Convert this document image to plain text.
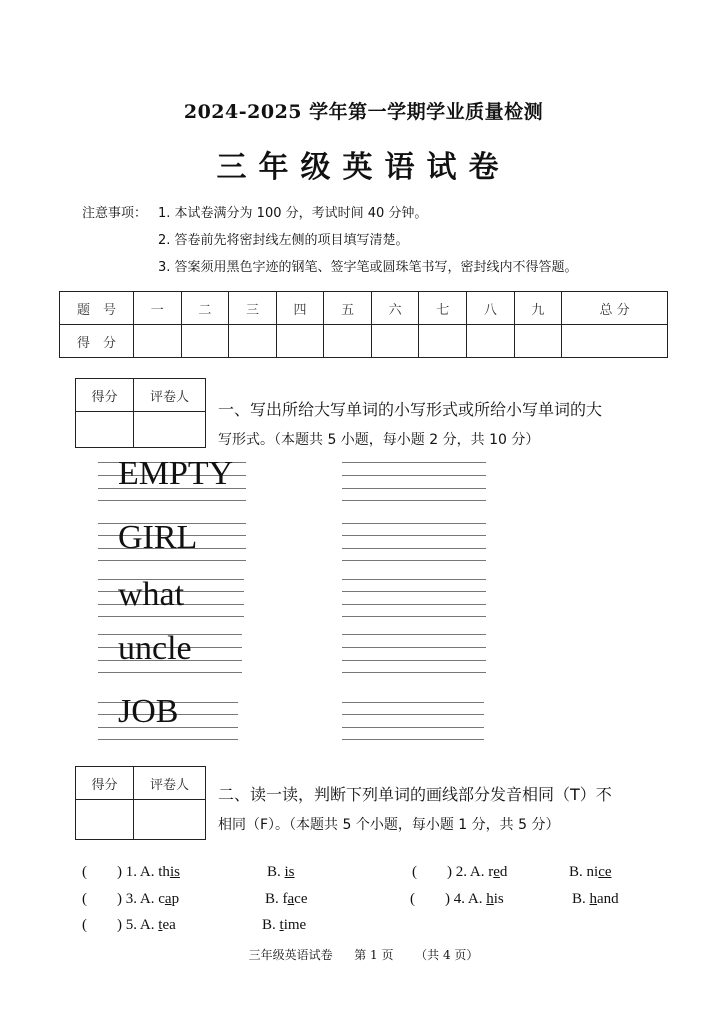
2024-2025 学年第一学期学业质量检测
三年级英语试卷
注意事项： 1. 本试卷满分为 100 分，考试时间 40 分钟。
2. 答卷前先将密封线左侧的项目填写清楚。
3. 答案须用黑色字迹的钢笔、签字笔或圆珠笔书写，密封线内不得答题。
题　号	一	二	三	四	五	六	七	八	九	总 分
得　分										
得分	评卷人

一、写出所给大写单词的小写形式或所给小写单词的大
写形式。（本题共 5 小题，每小题 2 分，共 10 分）
EMPTY
GIRL
what
uncle
JOB
得分	评卷人
	二、读一读，判断下列单词的画线部分发音相同（T）不
相同（F）。（本题共 5 个小题，每小题 1 分，共 5 分）
( ) 1. A. this	B. is	( ) 2. A. red	B. nice
( ) 3. A. cap	B. face	( ) 4. A. his	B. hand
( ) 5. A. tea	B. time
三年级英语试卷 第 1 页 （共 4 页）
